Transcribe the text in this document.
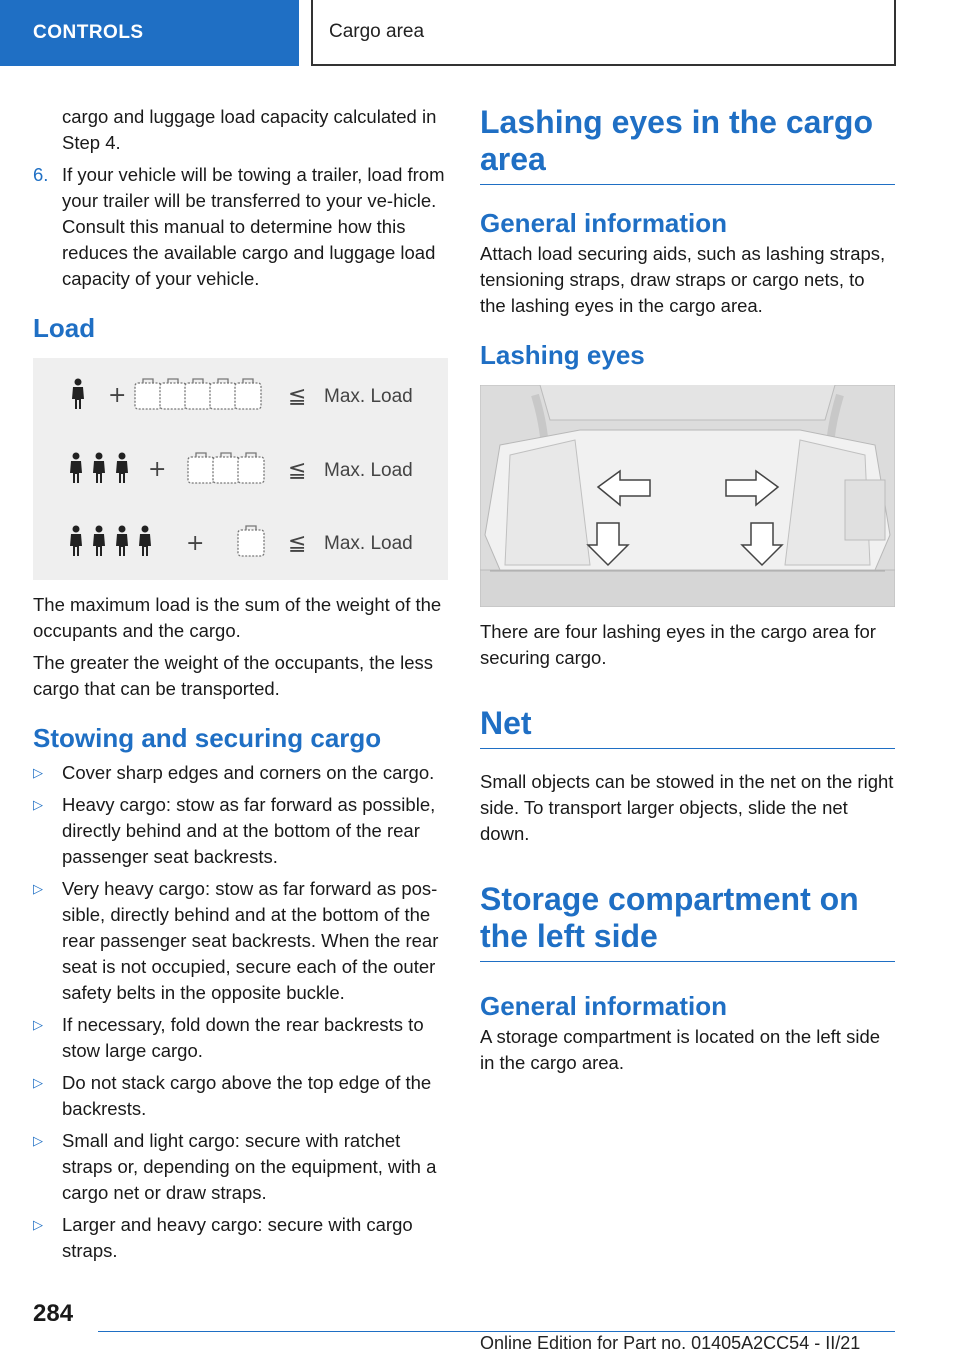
CONTROLS	Cargo area

cargo and luggage load capacity calculated in Step 4.

6. If your vehicle will be towing a trailer, load from your trailer will be transferred to your ve‐hicle. Consult this manual to determine how this reduces the available cargo and luggage load capacity of your vehicle.
Load
+	≦ Max. Load
+	≦ Max. Load
+	≦ Max. Load

The maximum load is the sum of the weight of the occupants and the cargo.

The greater the weight of the occupants, the less cargo that can be transported.

Stowing and securing cargo
▷	Cover sharp edges and corners on the cargo.
▷	Heavy cargo: stow as far forward as possible, directly behind and at the bottom of the rear passenger seat backrests.
▷	Very heavy cargo: stow as far forward as pos‐sible, directly behind and at the bottom of the rear passenger seat backrests. When the rear seat is not occupied, secure each of the outer safety belts in the opposite buckle.
▷	If necessary, fold down the rear backrests to stow large cargo.
▷	Do not stack cargo above the top edge of the backrests.
▷	Small and light cargo: secure with ratchet straps or, depending on the equipment, with a cargo net or draw straps.
▷	Larger and heavy cargo: secure with cargo straps.
Lashing eyes in the cargo area
General information

Attach load securing aids, such as lashing straps, tensioning straps, draw straps or cargo nets, to the lashing eyes in the cargo area.

Lashing eyes

There are four lashing eyes in the cargo area for securing cargo.

Net

Small objects can be stowed in the net on the right side. To transport larger objects, slide the net down.

Storage compartment on the left side
General information

A storage compartment is located on the left side in the cargo area.

284
Online Edition for Part no. 01405A2CC54 - II/21
